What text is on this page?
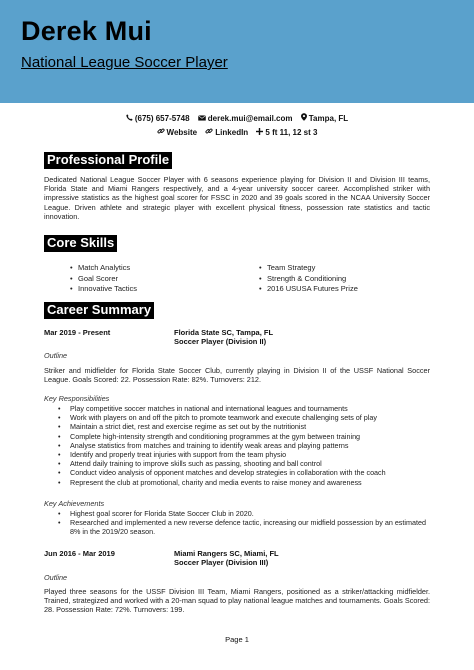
Derek Mui
National League Soccer Player
(675) 657-5748 derek.mui@email.com Tampa, FL
Website LinkedIn 5 ft 11, 12 st 3
Professional Profile
Dedicated National League Soccer Player with 6 seasons experience playing for Division II and Division III teams, Florida State and Miami Rangers respectively, and a 4-year university soccer career. Accomplished striker with impressive statistics as the highest goal scorer for FSSC in 2020 and 39 goals scored in the NCAA University Soccer League. Driven athlete and strategic player with excellent physical fitness, possession rate statistics and tactic innovation.
Core Skills
• Match Analytics
• Goal Scorer
• Innovative Tactics
• Team Strategy
• Strength & Conditioning
• 2016 USUSA Futures Prize
Career Summary
Mar 2019 - Present	Florida State SC, Tampa, FL
Soccer Player (Division II)
Outline
Striker and midfielder for Florida State Soccer Club, currently playing in Division II of the USSF National Soccer League. Goals Scored: 22. Possession Rate: 82%. Turnovers: 212.
Key Responsibilities
• Play competitive soccer matches in national and international leagues and tournaments
• Work with players on and off the pitch to promote teamwork and execute challenging sets of play
• Maintain a strict diet, rest and exercise regime as set out by the nutritionist
• Complete high-intensity strength and conditioning programmes at the gym between training
• Analyse statistics from matches and training to identify weak areas and playing patterns
• Identify and properly treat injuries with support from the team physio
• Attend daily training to improve skills such as passing, shooting and ball control
• Conduct video analysis of opponent matches and develop strategies in collaboration with the coach
• Represent the club at promotional, charity and media events to raise money and awareness
Key Achievements
• Highest goal scorer for Florida State Soccer Club in 2020.
• Researched and implemented a new reverse defence tactic, increasing our midfield possession by an estimated 8% in the 2019/20 season.
Jun 2016 - Mar 2019	Miami Rangers SC, Miami, FL
Soccer Player (Division III)
Outline
Played three seasons for the USSF Division III Team, Miami Rangers, positioned as a striker/attacking midfielder. Trained, strategized and worked with a 20-man squad to play national league matches and tournaments. Goals Scored: 28. Possession Rate: 72%. Turnovers: 199.
Page 1
